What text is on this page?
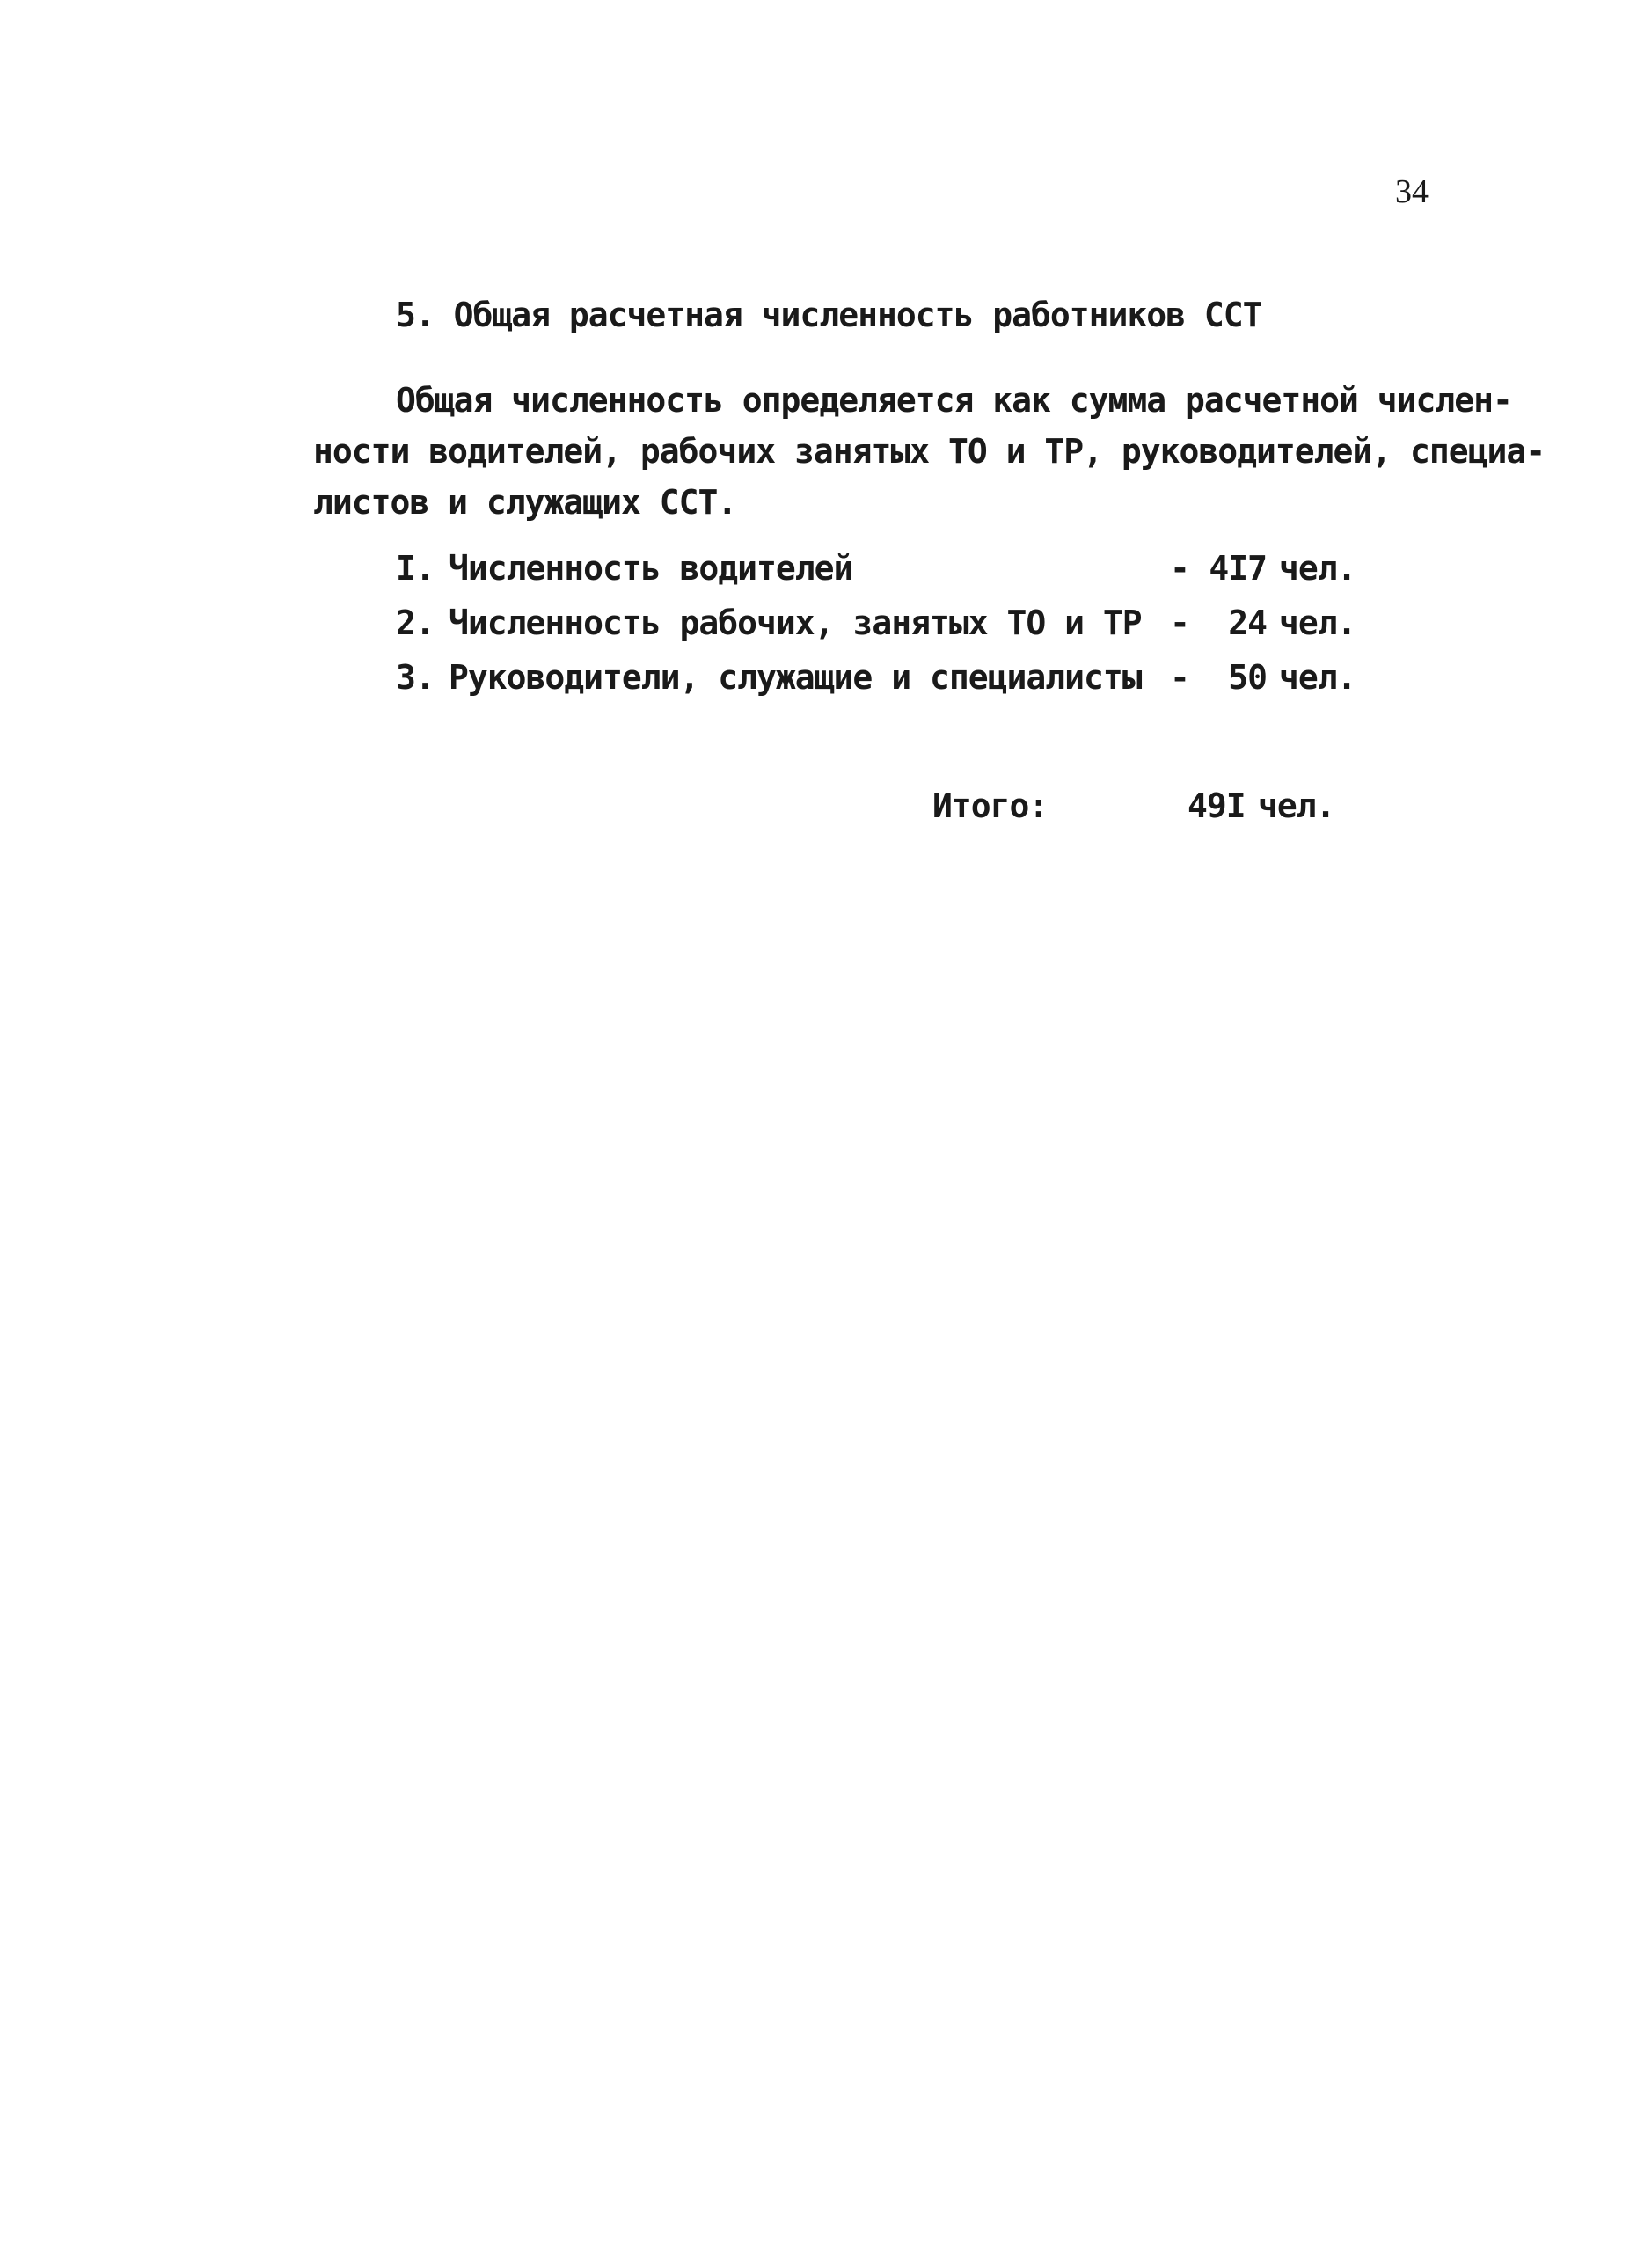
34
5. Общая расчетная численность работников ССТ
Общая численность определяется как сумма расчетной числен-
ности водителей, рабочих занятых ТО и ТР, руководителей, специа-
листов и служащих ССТ.
I. Численность водителей	- 4I7 чел.
2. Численность рабочих, занятых ТО и ТР -	24 чел.
3. Руководители, служащие и специалисты -	50 чел.
Итого:	49I чел.
